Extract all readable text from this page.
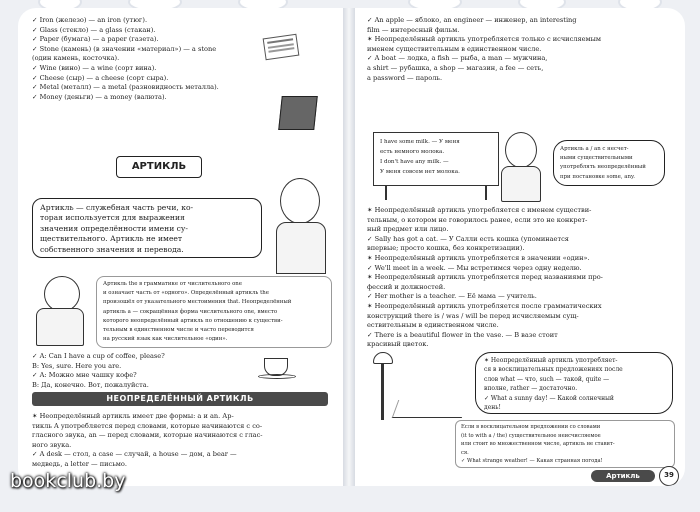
✓ Iron (железо) — an iron (утюг).
✓ Glass (стекло) — a glass (стакан).
✓ Paper (бумага) — a paper (газета).
✓ Stone (камень) (в значении «материал») — a stone
(один камень, косточка).
✓ Wine (вино) — a wine (сорт вина).
✓ Cheese (сыр) — a cheese (сорт сыра).
✓ Metal (металл) — a metal (разновидность металла).
✓ Money (деньги) — a money (валюта).
АРТИКЛЬ
Артикль — служебная часть речи, ко-
торая используется для выражения
значения определённости имени су-
ществительного. Артикль не имеет
собственного значения и перевода.
Артикль the в грамматике от числительного one
и означает часть от «одного». Определённый артикль the
произошёл от указательного местоимения that. Неопределённый
артикль a — сокращённая форма числительного one, вместо
которого неопределённый артикль по отношению к существи-
тельным в единственном числе и часто переводится
на русский язык как числительное «один».
✓ A: Can I have a cup of coffee, please?
B: Yes, sure. Here you are.
✓ A: Можно мне чашку кофе?
B: Да, конечно. Вот, пожалуйста.
НЕОПРЕДЕЛЁННЫЙ АРТИКЛЬ
✶ Неопределённый артикль имеет две формы: a и an. Ар-
тикль A употребляется перед словами, которые начинаются с со-
гласного звука, an — перед словами, которые начинаются с глас-
ного звука.
✓ A desk — стол, a case — случай, a house — дом, a bear —
медведь, a letter — письмо.
✓ An apple — яблоко, an engineer — инженер, an interesting
film — интересный фильм.
✶ Неопределённый артикль употребляется только с исчисляемым
именем существительным в единственном числе.
✓ A boat — лодка, a fish — рыба, a man — мужчина,
a shirt — рубашка, a shop — магазин, a fee — сеть,
a password — пароль.
I have some milk. — У меня
есть немного молока.
I don't have any milk. —
У меня совсем нет молока.
Артикль a / an с несчет-
ными существительными
употреблять неопределённый
при постановке some, any.
✶ Неопределённый артикль употребляется с именем существи-
тельным, о котором не говорилось ранее, если это не конкрет-
ный предмет или лицо.
✓ Sally has got a cat. — У Салли есть кошка (упоминается
впервые; просто кошка, без конкретизации).
✶ Неопределённый артикль употребляется в значении «один».
✓ We'll meet in a week. — Мы встретимся через одну неделю.
✶ Неопределённый артикль употребляется перед названиями про-
фессий и должностей.
✓ Her mother is a teacher. — Её мама — учитель.
✶ Неопределённый артикль употребляется после грамматических
конструкций there is / was / will be перед исчисляемым сущ-
ествительным в единственном числе.
✓ There is a beautiful flower in the vase. — В вазе стоит
красивый цветок.
✶ Неопределённый артикль употребляет-
ся в восклицательных предложениях после
слов what — что, such — такой, quite —
вполне, rather — достаточно.
✓ What a sunny day! — Какой солнечный
день!
Если в восклицательном предложении со словами
(it to with a / the) существительное неисчисляемое
или стоит во множественном числе, артикль не ставит-
ся.
✓ What strange weather! — Какая странная погода!
Артикль	39
bookclub.by
